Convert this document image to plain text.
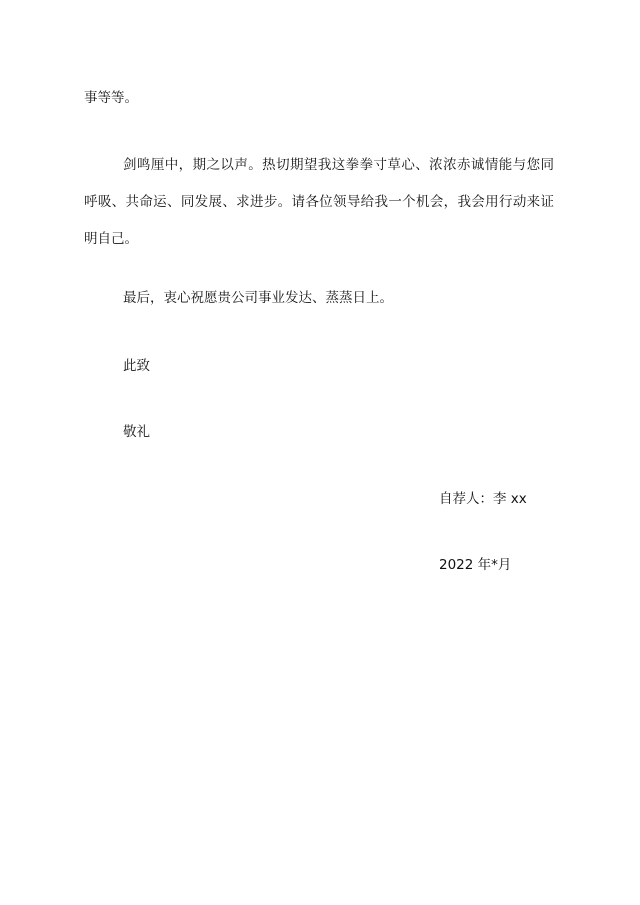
事等等。
剑鸣厘中，期之以声。热切期望我这拳拳寸草心、浓浓赤诚情能与您同呼吸、共命运、同发展、求进步。请各位领导给我一个机会，我会用行动来证明自己。
最后，衷心祝愿贵公司事业发达、蒸蒸日上。
此致
敬礼
自荐人：李 xx
2022 年*月
